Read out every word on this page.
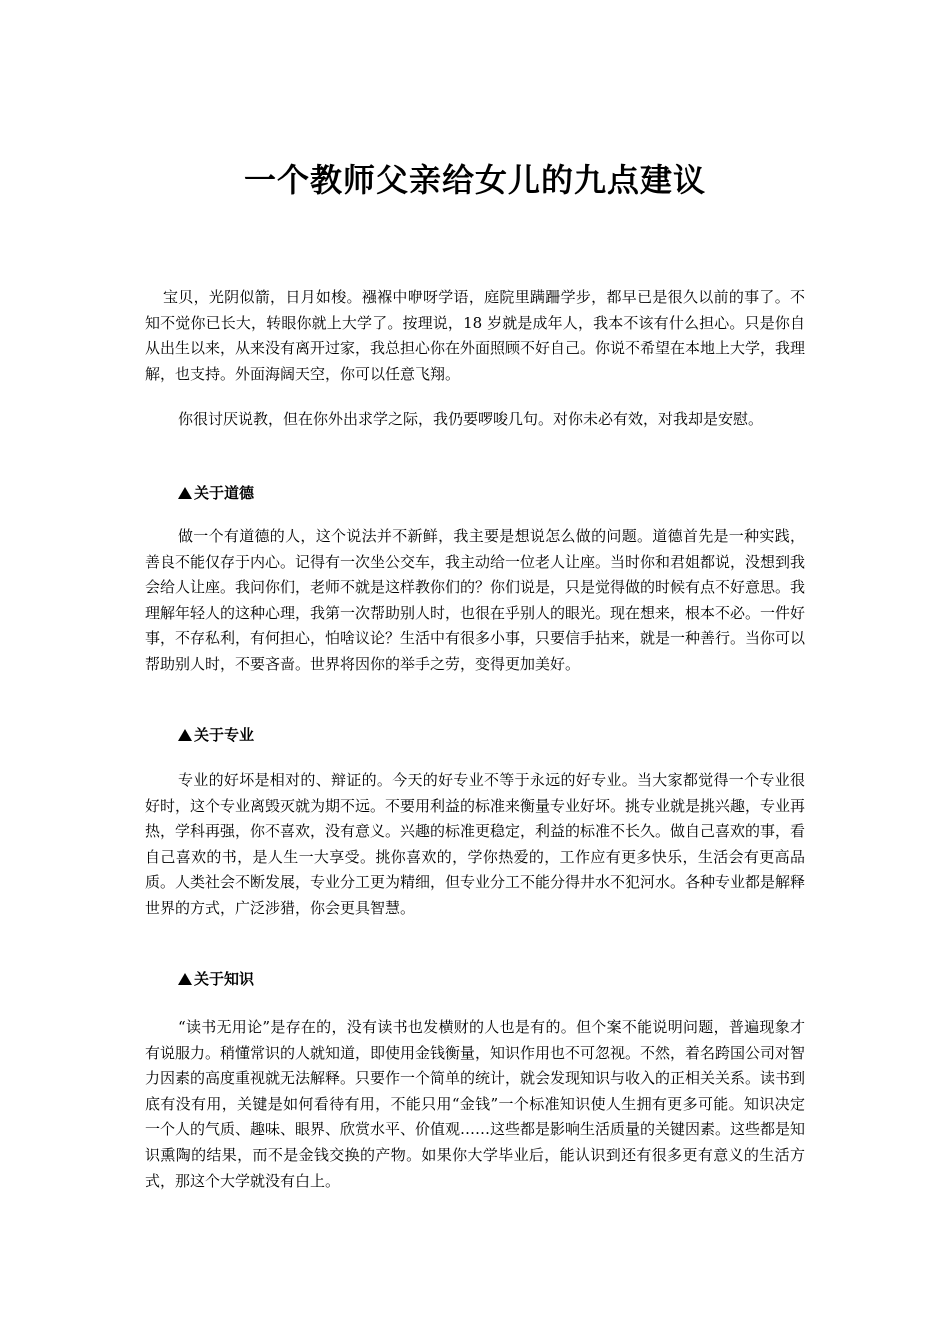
一个教师父亲给女儿的九点建议

宝贝，光阴似箭，日月如梭。襁褓中咿呀学语，庭院里蹒跚学步，都早已是很久以前的事了。不知不觉你已长大，转眼你就上大学了。按理说，18 岁就是成年人，我本不该有什么担心。只是你自从出生以来，从来没有离开过家，我总担心你在外面照顾不好自己。你说不希望在本地上大学，我理解，也支持。外面海阔天空，你可以任意飞翔。

你很讨厌说教，但在你外出求学之际，我仍要啰唆几句。对你未必有效，对我却是安慰。

关于道德

做一个有道德的人，这个说法并不新鲜，我主要是想说怎么做的问题。道德首先是一种实践，善良不能仅存于内心。记得有一次坐公交车，我主动给一位老人让座。当时你和君姐都说，没想到我会给人让座。我问你们，老师不就是这样教你们的？你们说是，只是觉得做的时候有点不好意思。我理解年轻人的这种心理，我第一次帮助别人时，也很在乎别人的眼光。现在想来，根本不必。一件好事，不存私利，有何担心，怕啥议论？生活中有很多小事，只要信手拈来，就是一种善行。当你可以帮助别人时，不要吝啬。世界将因你的举手之劳，变得更加美好。

关于专业

专业的好坏是相对的、辩证的。今天的好专业不等于永远的好专业。当大家都觉得一个专业很好时，这个专业离毁灭就为期不远。不要用利益的标准来衡量专业好坏。挑专业就是挑兴趣，专业再热，学科再强，你不喜欢，没有意义。兴趣的标准更稳定，利益的标准不长久。做自己喜欢的事，看自己喜欢的书，是人生一大享受。挑你喜欢的，学你热爱的，工作应有更多快乐，生活会有更高品质。人类社会不断发展，专业分工更为精细，但专业分工不能分得井水不犯河水。各种专业都是解释世界的方式，广泛涉猎，你会更具智慧。

关于知识

“读书无用论”是存在的，没有读书也发横财的人也是有的。但个案不能说明问题，普遍现象才有说服力。稍懂常识的人就知道，即使用金钱衡量，知识作用也不可忽视。不然，着名跨国公司对智力因素的高度重视就无法解释。只要作一个简单的统计，就会发现知识与收入的正相关关系。读书到底有没有用，关键是如何看待有用，不能只用“金钱”一个标准知识使人生拥有更多可能。知识决定一个人的气质、趣味、眼界、欣赏水平、价值观……这些都是影响生活质量的关键因素。这些都是知识熏陶的结果，而不是金钱交换的产物。如果你大学毕业后，能认识到还有很多更有意义的生活方式，那这个大学就没有白上。
